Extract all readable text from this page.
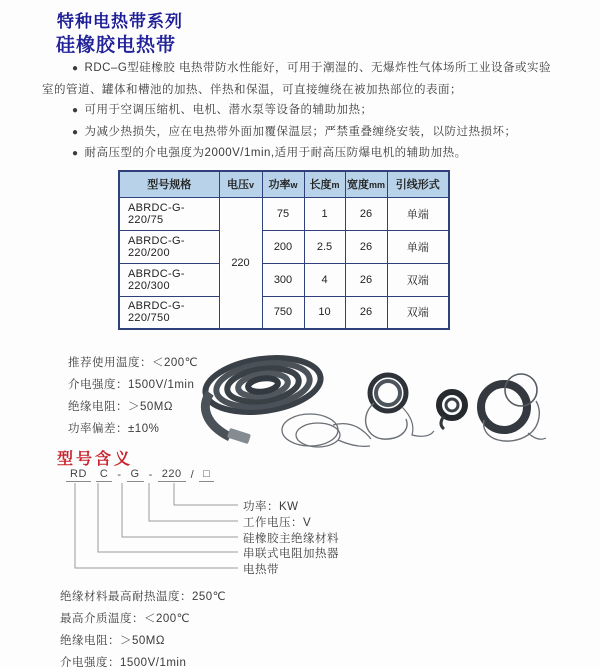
特种电热带系列
硅橡胶电热带

● RDC–G型硅橡胶 电热带防水性能好，可用于潮湿的、无爆炸性气体场所工业设备或实验室的管道、罐体和槽池的加热、伴热和保温，可直接缠绕在被加热部位的表面；

● 可用于空调压缩机、电机、潜水泵等设备的辅助加热；

● 为减少热损失，应在电热带外面加覆保温层；严禁重叠缠绕安装，以防过热损坏；

● 耐高压型的介电强度为2000V/1min,适用于耐高压防爆电机的辅助加热。

型号规格	电压v	功率w	长度m	宽度mm	引线形式
ABRDC-G-220/75	220	75	1	26	单端
ABRDC-G-220/200		200	2.5	26	单端
ABRDC-G-220/300		300	4	26	双端
ABRDC-G-220/750		750	10	26	双端
推荐使用温度：＜200℃
介电强度：1500V/1min
绝缘电阻：＞50MΩ
功率偏差：±10%
型号含义
RD	C - G - 220 / □
功率：KW
工作电压：V
硅橡胶主绝缘材料
串联式电阻加热器
电热带
绝缘材料最高耐热温度：250℃
最高介质温度：＜200℃
绝缘电阻：＞50MΩ
介电强度：1500V/1min
